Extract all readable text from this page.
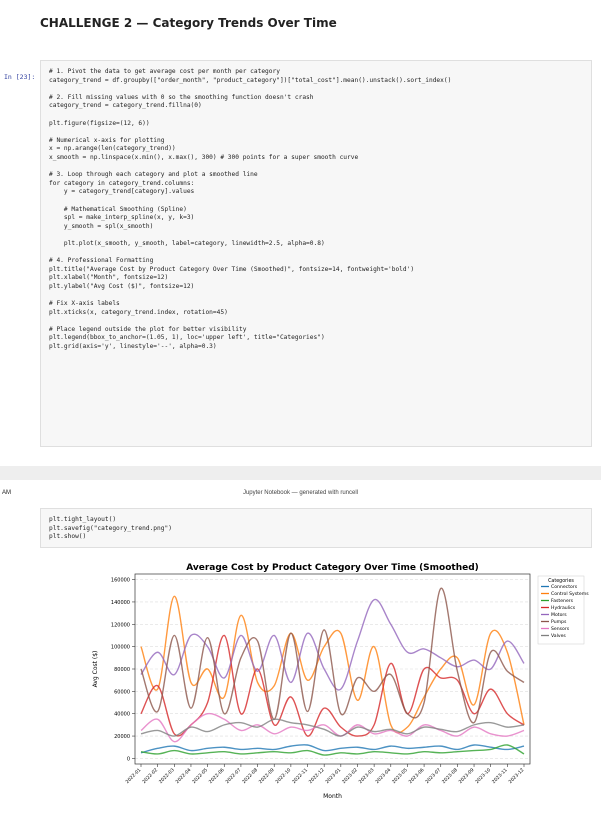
CHALLENGE 2 — Category Trends Over Time
In [23]:
# 1. Pivot the data to get average cost per month per category
category_trend = df.groupby(["order_month", "product_category"])["total_cost"].mean().unstack().sort_index()
# 2. Fill missing values with 0 so the smoothing function doesn't crash
category_trend = category_trend.fillna(0)
plt.figure(figsize=(12, 6))
# Numerical x-axis for plotting
x = np.arange(len(category_trend))
x_smooth = np.linspace(x.min(), x.max(), 300) # 300 points for a super smooth curve
# 3. Loop through each category and plot a smoothed line
for category in category_trend.columns:
y = category_trend[category].values
# Mathematical Smoothing (Spline)
spl = make_interp_spline(x, y, k=3)
y_smooth = spl(x_smooth)
plt.plot(x_smooth, y_smooth, label=category, linewidth=2.5, alpha=0.8)
# 4. Professional Formatting
plt.title("Average Cost by Product Category Over Time (Smoothed)", fontsize=14, fontweight='bold')
plt.xlabel("Month", fontsize=12)
plt.ylabel("Avg Cost ($)", fontsize=12)
# Fix X-axis labels
plt.xticks(x, category_trend.index, rotation=45)
# Place legend outside the plot for better visibility
plt.legend(bbox_to_anchor=(1.05, 1), loc='upper left', title="Categories")
plt.grid(axis='y', linestyle='--', alpha=0.3)
AM	Jupyter Notebook — generated with runcell
plt.tight_layout()
plt.savefig("category_trend.png")
plt.show()
Average Cost by Product Category Over Time (Smoothed)
0
20000
40000
60000
80000
100000
120000
140000
160000
2022-01 2022-02 2022-03 2022-04 2022-05 2022-06 2022-07 2022-08 2022-09 2022-10 2022-11 2022-12 2023-01 2023-02 2023-03 2023-04 2023-05 2023-06 2023-07 2023-08 2023-09 2023-10 2023-11 2023-12
Month
Avg Cost ($)
Categories
Connectors
Control Systems
Fasteners
Hydraulics
Motors
Pumps
Sensors
Valves
